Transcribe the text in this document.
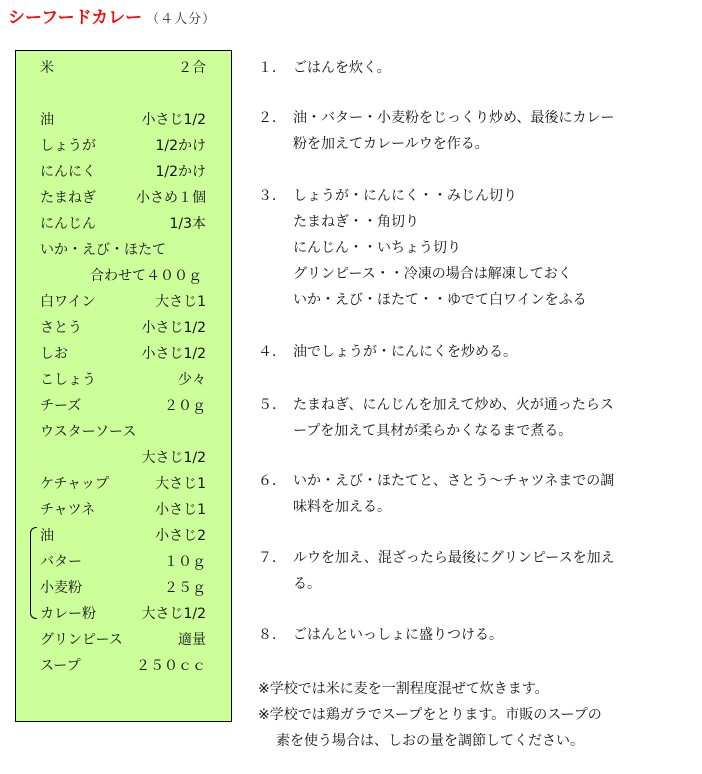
シーフードカレー （４人分）
米	２合
油	小さじ1/2
しょうが	1/2かけ
にんにく	1/2かけ
たまねぎ	小さめ１個
にんじん	1/3本
いか・えび・ほたて
合わせて４００ｇ
白ワイン	大さじ1
さとう	小さじ1/2
しお	小さじ1/2
こしょう	少々
チーズ	２０ｇ
ウスターソース
大さじ1/2
ケチャップ	大さじ1
チャツネ	小さじ1
油	小さじ2
バター	１０ｇ
小麦粉	２５ｇ
カレー粉	大さじ1/2
グリンピース	適量
スープ	２５０ｃｃ
１． ごはんを炊く。
２． 油・バター・小麦粉をじっくり炒め、最後にカレー
粉を加えてカレールウを作る。
３． しょうが・にんにく・・みじん切り
たまねぎ・・角切り
にんじん・・いちょう切り
グリンピース・・冷凍の場合は解凍しておく
いか・えび・ほたて・・ゆでて白ワインをふる
４． 油でしょうが・にんにくを炒める。
５． たまねぎ、にんじんを加えて炒め、火が通ったらス
ープを加えて具材が柔らかくなるまで煮る。
６． いか・えび・ほたてと、さとう～チャツネまでの調
味料を加える。
７． ルウを加え、混ざったら最後にグリンピースを加え
る。
８． ごはんといっしょに盛りつける。
※学校では米に麦を一割程度混ぜて炊きます。
※学校では鶏ガラでスープをとります。市販のスープの
素を使う場合は、しおの量を調節してください。
